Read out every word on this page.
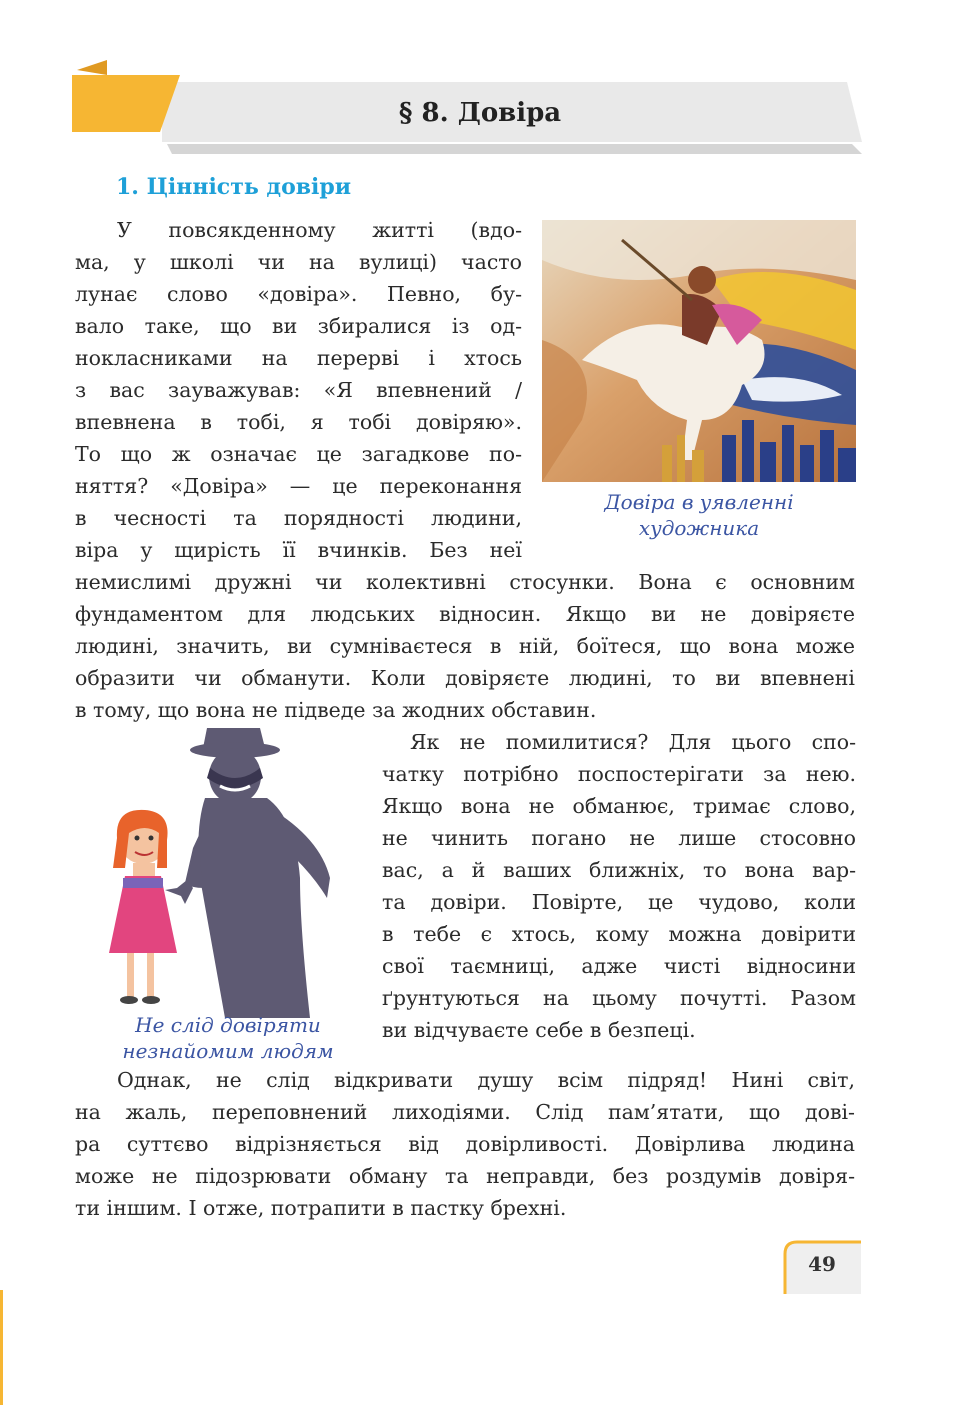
§ 8. Довіра
1. Цінність довіри
У повсякденному житті (вдо-
ма, у школі чи на вулиці) часто
лунає слово «довіра». Певно, бу-
вало таке, що ви збиралися із од-
нокласниками на перерві і хтось
з вас зауважував: «Я впевнений /
впевнена в тобі, я тобі довіряю».
То що ж означає це загадкове по-
няття? «Довіра» — це переконання
в чесності та порядності людини,
віра у щирість її вчинків. Без неї
Довіра в уявленні
художника
немислимі дружні чи колективні стосунки. Вона є основним
фундаментом для людських відносин. Якщо ви не довіряєте
людині, значить, ви сумніваєтеся в ній, боїтеся, що вона може
образити чи обманути. Коли довіряєте людині, то ви впевнені
в тому, що вона не підведе за жодних обставин.
Не слід довіряти
незнайомим людям
Як не помилитися? Для цього спо-
чатку потрібно поспостерігати за нею.
Якщо вона не обманює, тримає слово,
не чинить погано не лише стосовно
вас, а й ваших ближніх, то вона вар-
та довіри. Повірте, це чудово, коли
в тебе є хтось, кому можна довірити
свої таємниці, адже чисті відносини
ґрунтуються на цьому почутті. Разом
ви відчуваєте себе в безпеці.
Однак, не слід відкривати душу всім підряд! Нині світ,
на жаль, переповнений лиходіями. Слід пам’ятати, що дові-
ра суттєво відрізняється від довірливості. Довірлива людина
може не підозрювати обману та неправди, без роздумів довіря-
ти іншим. І отже, потрапити в пастку брехні.
49
